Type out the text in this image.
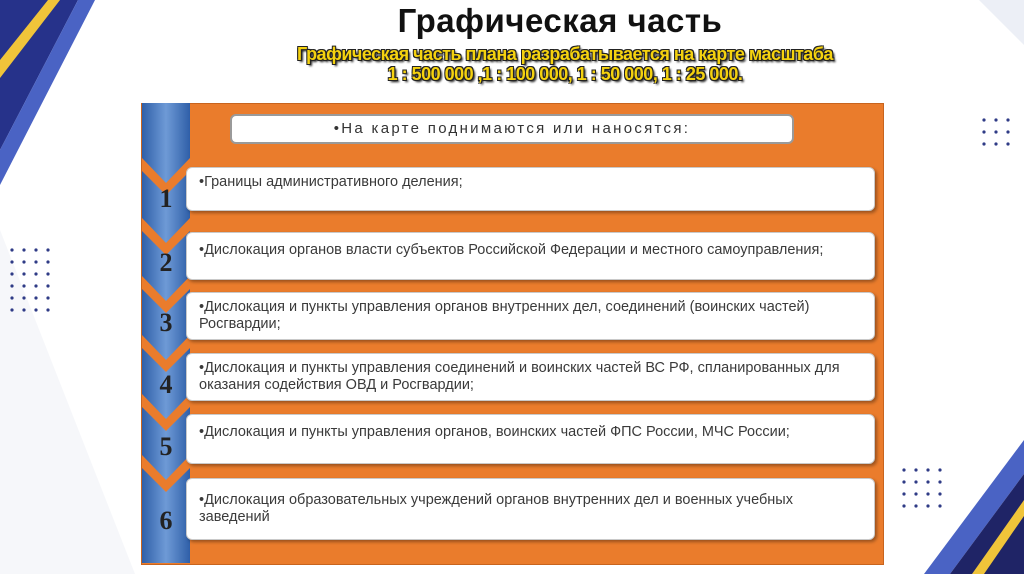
Графическая часть
Графическая часть плана разрабатывается на карте масштаба
1 : 500 000 ,1 : 100 000, 1 : 50 000, 1 : 25 000.
•На карте поднимаются или наносятся:
1
2
3
4
5
6
•Границы административного деления;
•Дислокация органов власти субъектов Российской Федерации и местного самоуправления;
•Дислокация и пункты управления органов внутренних дел, соединений (воинских частей) Росгвардии;
•Дислокация и пункты управления соединений и воинских частей ВС РФ, спланированных для оказания содействия ОВД и Росгвардии;
•Дислокация и пункты управления органов, воинских частей ФПС России, МЧС России;
•Дислокация образовательных учреждений органов внутренних дел и военных учебных заведений
